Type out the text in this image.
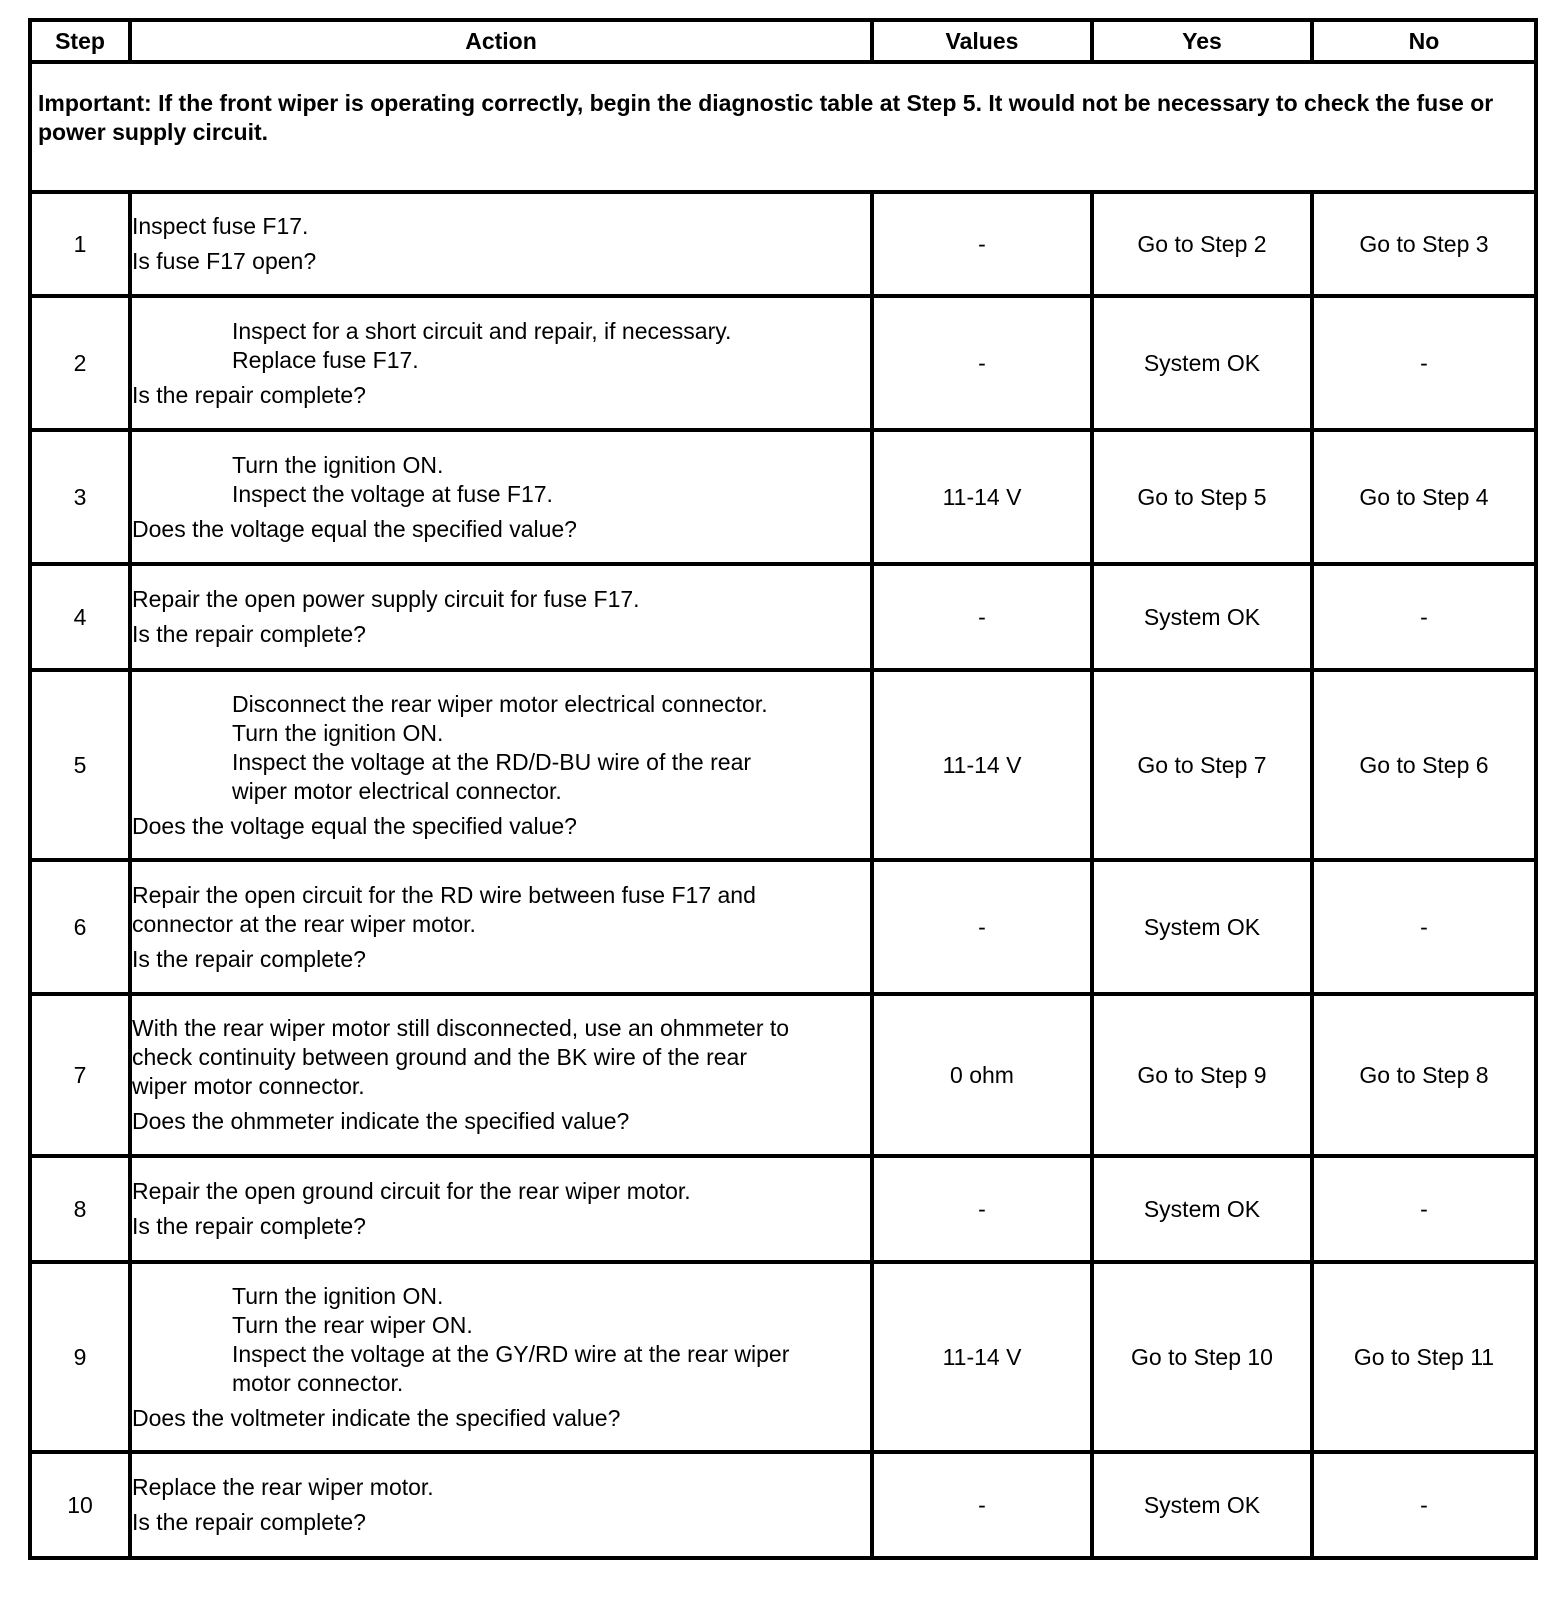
Step	Action	Values	Yes	No

Important: If the front wiper is operating correctly, begin the diagnostic table at Step 5. It would not be necessary to check the fuse or power supply circuit.				

1	Inspect fuse F17.
Is fuse F17 open?	-	Go to Step 2	Go to Step 3
2	Inspect for a short circuit and repair, if necessary.
Replace fuse F17.
Is the repair complete?	-	System OK	-
3	Turn the ignition ON.
Inspect the voltage at fuse F17.
Does the voltage equal the specified value?	11-14 V	Go to Step 5	Go to Step 4
4	Repair the open power supply circuit for fuse F17.
Is the repair complete?	-	System OK	-
5	Disconnect the rear wiper motor electrical connector.
Turn the ignition ON.
Inspect the voltage at the RD/D-BU wire of the rear
wiper motor electrical connector.
Does the voltage equal the specified value?	11-14 V	Go to Step 7	Go to Step 6
6	Repair the open circuit for the RD wire between fuse F17 and
connector at the rear wiper motor.
Is the repair complete?	-	System OK	-
7	With the rear wiper motor still disconnected, use an ohmmeter to
check continuity between ground and the BK wire of the rear
wiper motor connector.
Does the ohmmeter indicate the specified value?	0 ohm	Go to Step 9	Go to Step 8
8	Repair the open ground circuit for the rear wiper motor.
Is the repair complete?	-	System OK	-
9	Turn the ignition ON.
Turn the rear wiper ON.
Inspect the voltage at the GY/RD wire at the rear wiper
motor connector.
Does the voltmeter indicate the specified value?	11-14 V	Go to Step 10	Go to Step 11
10	Replace the rear wiper motor.
Is the repair complete?	-	System OK	-
